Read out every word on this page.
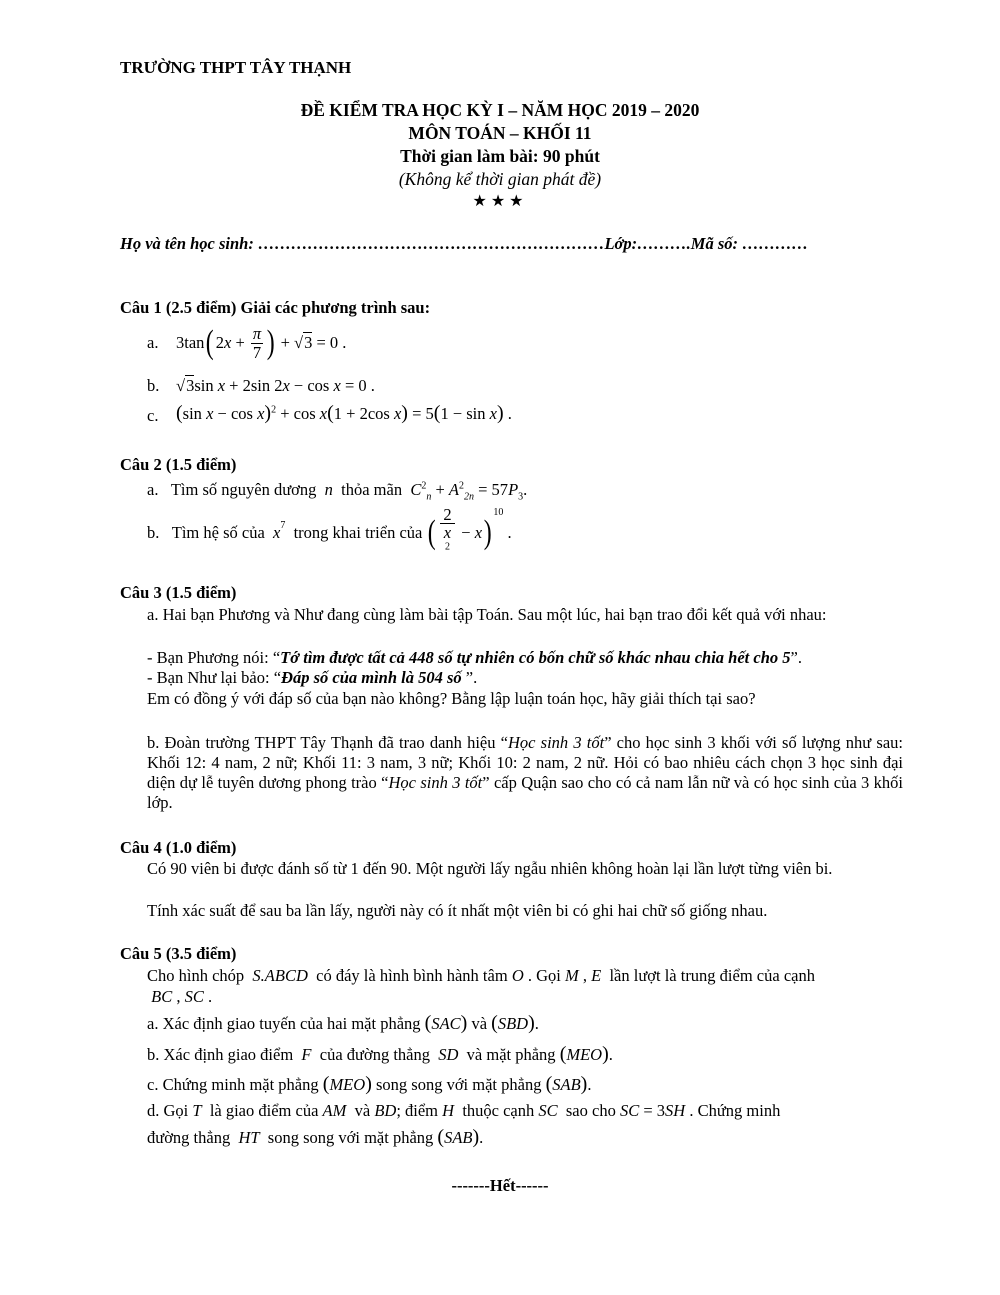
TRƯỜNG THPT TÂY THẠNH
ĐỀ KIỂM TRA HỌC KỲ I – NĂM HỌC 2019 – 2020
MÔN TOÁN – KHỐI 11
Thời gian làm bài: 90 phút
(Không kể thời gian phát đề)
★★★
Họ và tên học sinh: ………………………………………………………Lớp:……….Mã số: …………
Câu 1 (2.5 điểm) Giải các phương trình sau:
a. 3tan ( 2 $x + \frac{\pi}{7}$ ) + √3 = 0 .
b. √3sin x + 2sin 2x − cos x = 0 .
c. (sin x − cos x)$^2$ + cos x(1 + 2cos x) = 5(1 − sin x) .
Câu 2 (1.5 điểm)
a. Tìm số nguyên dương n thỏa mãn $C^2_n + A^2_{2n} = 57P_3$.
b.
Tìm hệ số của
$x^7$
trong khai triển của
( 2
x
$^2$ − x )
$^{10}$
.
Câu 3 (1.5 điểm)
a. Hai bạn Phương và Như đang cùng làm bài tập Toán. Sau một lúc, hai bạn trao đổi kết quả với nhau:
- Bạn Phương nói: “Tớ tìm được tất cả 448 số tự nhiên có bốn chữ số khác nhau chia hết cho 5”.
- Bạn Như lại bảo: “Đáp số của mình là 504 số ”.
Em có đồng ý với đáp số của bạn nào không? Bằng lập luận toán học, hãy giải thích tại sao?
b. Đoàn trường THPT Tây Thạnh đã trao danh hiệu “Học sinh 3 tốt” cho học sinh 3 khối với số lượng như sau: Khối 12: 4 nam, 2 nữ; Khối 11: 3 nam, 3 nữ; Khối 10: 2 nam, 2 nữ. Hỏi có bao nhiêu cách chọn 3 học sinh đại diện dự lễ tuyên dương phong trào “Học sinh 3 tốt” cấp Quận sao cho có cả nam lẫn nữ và có học sinh của 3 khối lớp.
Câu 4 (1.0 điểm)
Có 90 viên bi được đánh số từ 1 đến 90. Một người lấy ngẫu nhiên không hoàn lại lần lượt từng viên bi.
Tính xác suất để sau ba lần lấy, người này có ít nhất một viên bi có ghi hai chữ số giống nhau.
Câu 5 (3.5 điểm)
Cho hình chóp S.ABCD có đáy là hình bình hành tâm O . Gọi M , E lần lượt là trung điểm của cạnh
BC , SC .
a. Xác định giao tuyến của hai mặt phẳng (SAC) và (SBD).
b. Xác định giao điểm F của đường thẳng SD và mặt phẳng (MEO).
c. Chứng minh mặt phẳng (MEO) song song với mặt phẳng (SAB).
d. Gọi T là giao điểm của AM và BD; điểm H thuộc cạnh SC sao cho SC = 3SH . Chứng minh
đường thẳng HT song song với mặt phẳng (SAB).
-------Hết------
